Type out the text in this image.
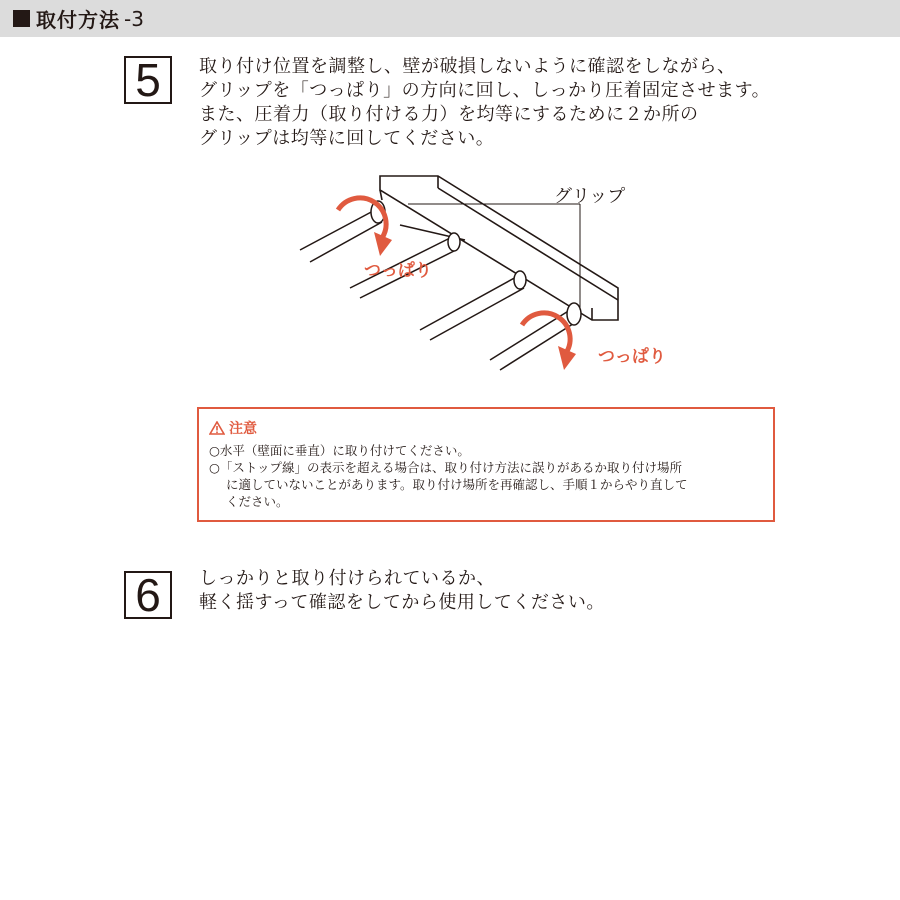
取付方法 -3
5	取り付け位置を調整し、壁が破損しないように確認をしながら、
グリップを「つっぱり」の方向に回し、しっかり圧着固定させます。
また、圧着力（取り付ける力）を均等にするために２か所の
グリップは均等に回してください。
グリップ
つっぱり
つっぱり
注意
○水平（壁面に垂直）に取り付けてください。
○「ストップ線」の表示を超える場合は、取り付け方法に誤りがあるか取り付け場所
に適していないことがあります。取り付け場所を再確認し、手順１からやり直して
ください。
6	しっかりと取り付けられているか、
軽く揺すって確認をしてから使用してください。
